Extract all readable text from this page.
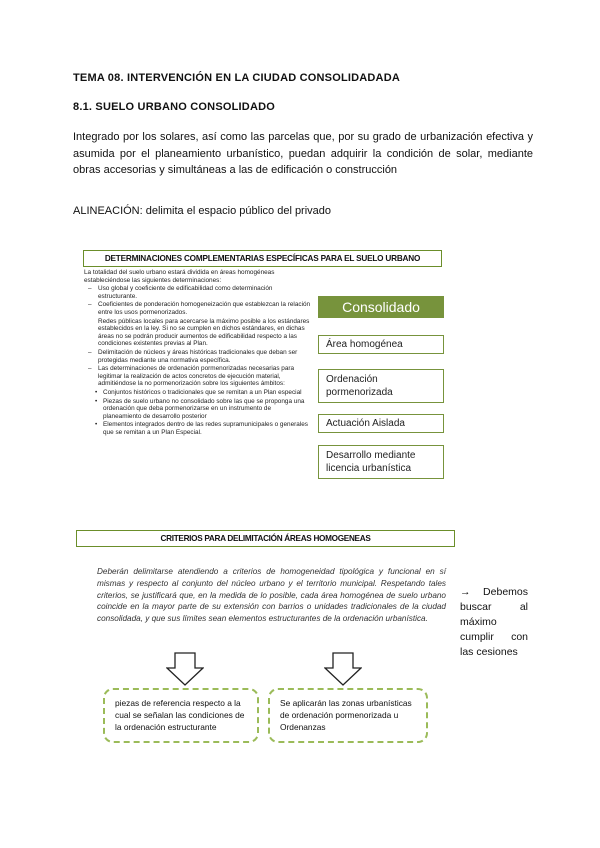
TEMA 08. INTERVENCIÓN EN LA CIUDAD CONSOLIDADADA
8.1. SUELO URBANO CONSOLIDADO
Integrado por los solares, así como las parcelas que, por su grado de urbanización efectiva y asumida por el planeamiento urbanístico, puedan adquirir la condición de solar, mediante obras accesorias y simultáneas a las de edificación o construcción
ALINEACIÓN: delimita el espacio público del privado
DETERMINACIONES COMPLEMENTARIAS ESPECÍFICAS PARA EL SUELO URBANO

La totalidad del suelo urbano estará dividida en áreas homogéneas estableciéndose las siguientes determinaciones:

– Uso global y coeficiente de edificabilidad como determinación estructurante.
– Coeficientes de ponderación homogeneización que establezcan la relación entre los usos pormenorizados.
Redes públicas locales para acercarse la máximo posible a los estándares establecidos en la ley. Si no se cumplen en dichos estándares, en dichas áreas no se podrán producir aumentos de edificabilidad respecto a las condiciones existentes previas al Plan.
– Delimitación de núcleos y áreas históricas tradicionales que deban ser protegidas mediante una normativa específica.
– Las determinaciones de ordenación pormenorizadas necesarias para legitimar la realización de actos concretos de ejecución material, admitiéndose la no pormenorización sobre los siguientes ámbitos:
• Conjuntos históricos o tradicionales que se remitan a un Plan especial
• Piezas de suelo urbano no consolidado sobre las que se proponga una ordenación que deba pormenorizarse en un instrumento de planeamiento de desarrollo posterior
• Elementos integrados dentro de las redes supramunicipales o generales que se remitan a un Plan Especial.
Consolidado
Área homogénea
Ordenación pormenorizada
Actuación Aislada
Desarrollo mediante licencia urbanística
CRITERIOS PARA DELIMITACIÓN ÁREAS HOMOGENEAS
Deberán delimitarse atendiendo a criterios de homogeneidad tipológica y funcional en sí mismas y respecto al conjunto del núcleo urbano y el territorio municipal. Respetando tales criterios, se justificará que, en la medida de lo posible, cada área homogénea de suelo urbano coincide en la mayor parte de su extensión con barrios o unidades tradicionales de la ciudad consolidada, y que sus límites sean elementos estructurantes de la ordenación urbanística.
piezas de referencia respecto a la cual se señalan las condiciones de la ordenación estructurante
Se aplicarán las zonas urbanísticas de ordenación pormenorizada u Ordenanzas
→ Debemos buscar al máximo cumplir con las cesiones
